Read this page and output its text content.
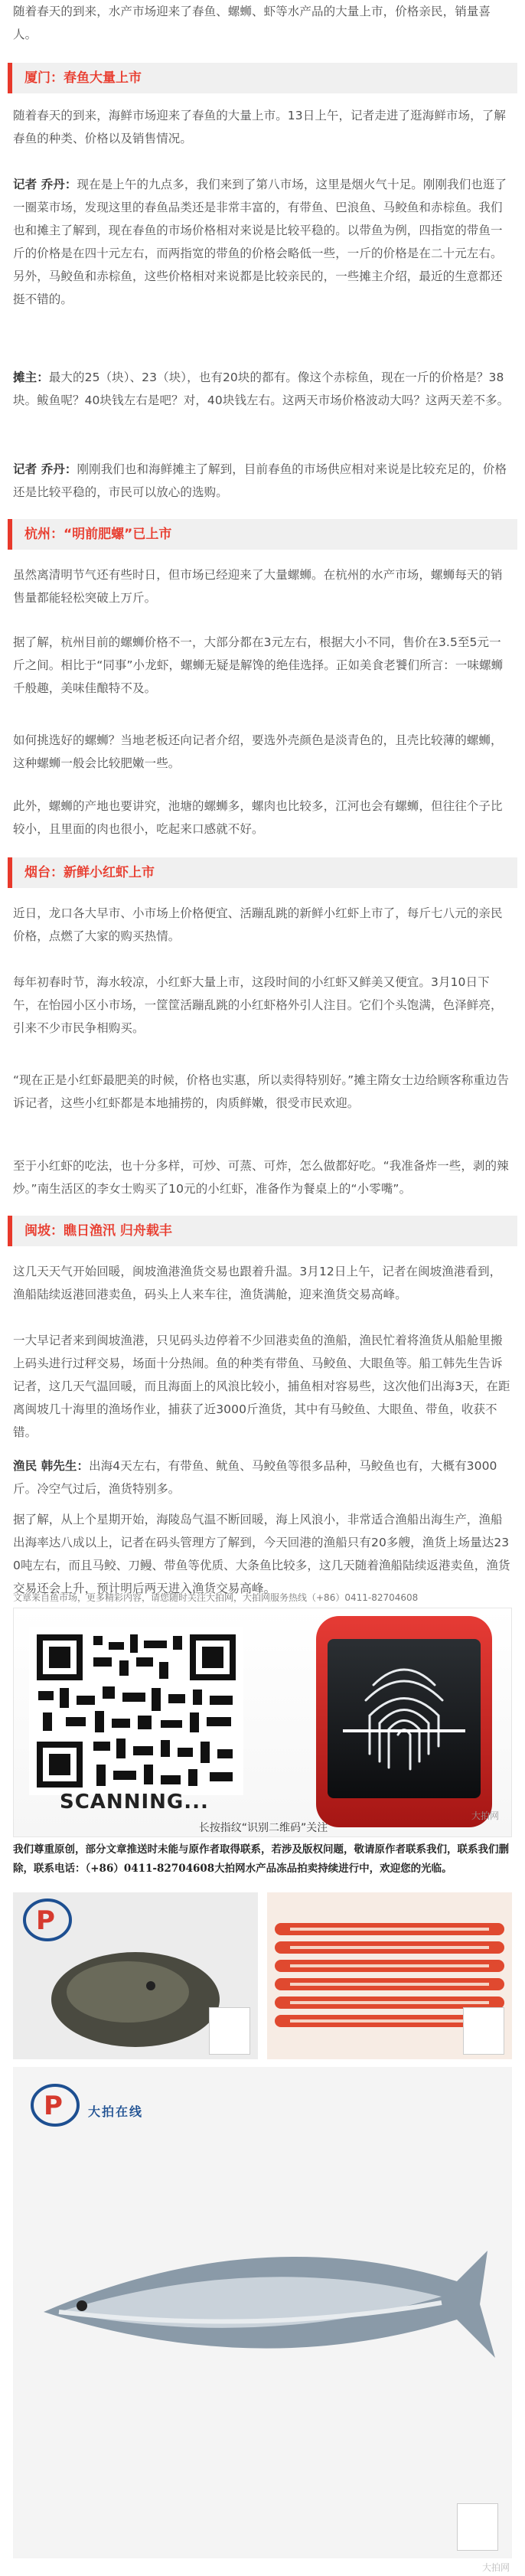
随着春天的到来，水产市场迎来了春鱼、螺蛳、虾等水产品的大量上市，价格亲民，销量喜人。

厦门：春鱼大量上市

随着春天的到来，海鲜市场迎来了春鱼的大量上市。13日上午，记者走进了逛海鲜市场，了解春鱼的种类、价格以及销售情况。

记者 乔丹：现在是上午的九点多，我们来到了第八市场，这里是烟火气十足。刚刚我们也逛了一圈菜市场，发现这里的春鱼品类还是非常丰富的，有带鱼、巴浪鱼、马鲛鱼和赤棕鱼。我们也和摊主了解到，现在春鱼的市场价格相对来说是比较平稳的。以带鱼为例，四指宽的带鱼一斤的价格是在四十元左右，而两指宽的带鱼的价格会略低一些，一斤的价格是在二十元左右。另外，马鲛鱼和赤棕鱼，这些价格相对来说都是比较亲民的，一些摊主介绍，最近的生意都还挺不错的。

摊主：最大的25（块）、23（块），也有20块的都有。像这个赤棕鱼，现在一斤的价格是？38块。鲅鱼呢？40块钱左右是吧？对，40块钱左右。这两天市场价格波动大吗？这两天差不多。

记者 乔丹：刚刚我们也和海鲜摊主了解到，目前春鱼的市场供应相对来说是比较充足的，价格还是比较平稳的，市民可以放心的选购。

杭州：“明前肥螺”已上市

虽然离清明节气还有些时日，但市场已经迎来了大量螺蛳。在杭州的水产市场，螺蛳每天的销售量都能轻松突破上万斤。

据了解，杭州目前的螺蛳价格不一，大部分都在3元左右，根据大小不同，售价在3.5至5元一斤之间。相比于“同事”小龙虾，螺蛳无疑是解馋的绝佳选择。正如美食老饕们所言：一味螺蛳千般趣，美味佳酿特不及。

如何挑选好的螺蛳？当地老板还向记者介绍，要选外壳颜色是淡青色的，且壳比较薄的螺蛳，这种螺蛳一般会比较肥嫩一些。

此外，螺蛳的产地也要讲究，池塘的螺蛳多，螺肉也比较多，江河也会有螺蛳，但往往个子比较小，且里面的肉也很小，吃起来口感就不好。

烟台：新鲜小红虾上市

近日，龙口各大早市、小市场上价格便宜、活蹦乱跳的新鲜小红虾上市了，每斤七八元的亲民价格，点燃了大家的购买热情。

每年初春时节，海水较凉，小红虾大量上市，这段时间的小红虾又鲜美又便宜。3月10日下午，在怡园小区小市场，一筐筐活蹦乱跳的小红虾格外引人注目。它们个头饱满，色泽鲜亮，引来不少市民争相购买。

“现在正是小红虾最肥美的时候，价格也实惠，所以卖得特别好。”摊主隋女士边给顾客称重边告诉记者，这些小红虾都是本地捕捞的，肉质鲜嫩，很受市民欢迎。

至于小红虾的吃法，也十分多样，可炒、可蒸、可炸，怎么做都好吃。“我准备炸一些，剥的辣炒。”南生活区的李女士购买了10元的小红虾，准备作为餐桌上的“小零嘴”。

闽坡：瞧日渔汛 归舟载丰

这几天天气开始回暖，闽坡渔港渔货交易也跟着升温。3月12日上午，记者在闽坡渔港看到，渔船陆续返港回港卖鱼，码头上人来车往，渔货满舱，迎来渔货交易高峰。

一大早记者来到闽坡渔港，只见码头边停着不少回港卖鱼的渔船，渔民忙着将渔货从船舱里搬上码头进行过秤交易，场面十分热闹。鱼的种类有带鱼、马鲛鱼、大眼鱼等。船工韩先生告诉记者，这几天气温回暖，而且海面上的风浪比较小，捕鱼相对容易些，这次他们出海3天，在距离闽坡几十海里的渔场作业，捕获了近3000斤渔货，其中有马鲛鱼、大眼鱼、带鱼，收获不错。

渔民 韩先生：出海4天左右，有带鱼、鱿鱼、马鲛鱼等很多品种，马鲛鱼也有，大概有3000斤。冷空气过后，渔货特别多。

据了解，从上个星期开始，海陵岛气温不断回暖，海上风浪小，非常适合渔船出海生产，渔船出海率达八成以上，记者在码头管理方了解到，今天回港的渔船只有20多艘，渔货上场量达230吨左右，而且马鲛、刀鳗、带鱼等优质、大条鱼比较多，这几天随着渔船陆续返港卖鱼，渔货交易还会上升，预计明后两天进入渔货交易高峰。

文章来自鱼市场，更多精彩内容，请您随时关注大拍网，大拍网服务热线（+86）0411-82704608
SCANNING...
长按指纹“识别二维码”关注
大拍网

我们尊重原创，部分文章推送时未能与原作者取得联系，若涉及版权问题，敬请原作者联系我们，联系我们删除，联系电话：（+86）0411-82704608大拍网水产品冻品拍卖持续进行中，欢迎您的光临。

P
P 大拍在线
大拍网
